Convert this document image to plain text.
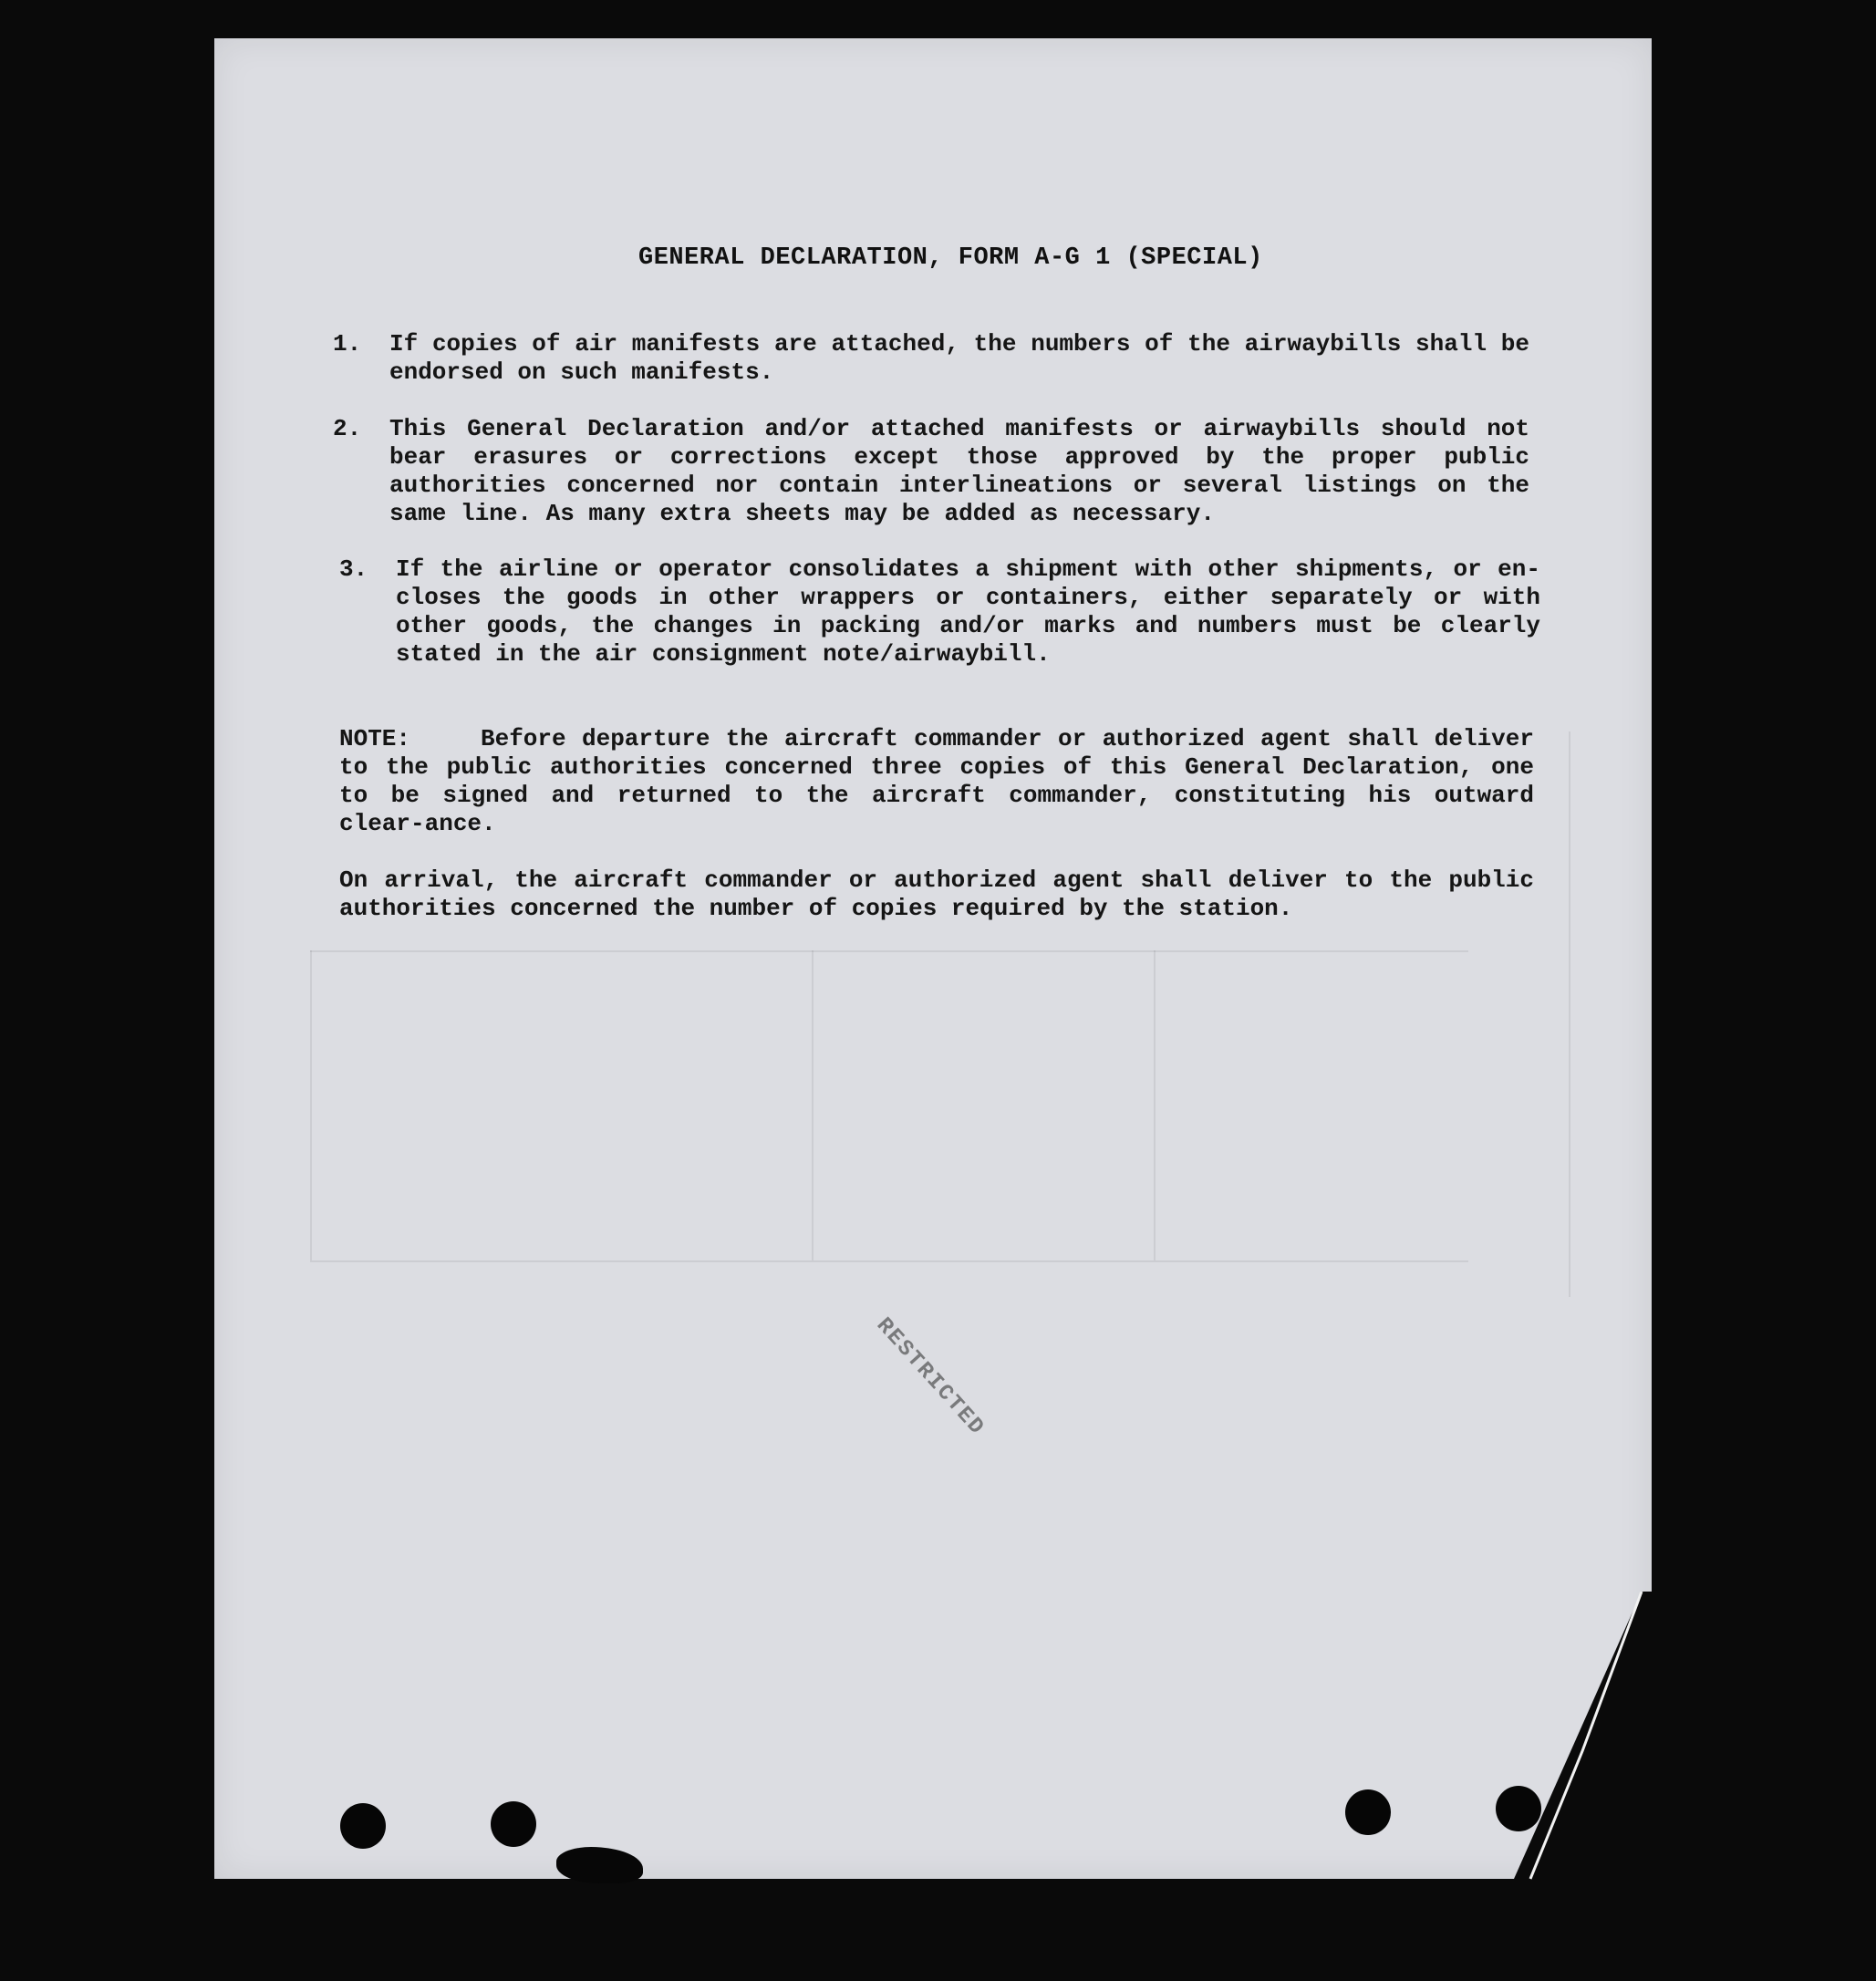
GENERAL DECLARATION, FORM A-G 1 (SPECIAL)
1.	If copies of air manifests are attached, the numbers of the airwaybills shall be endorsed on such manifests.
2.	This General Declaration and/or attached manifests or airwaybills should not bear erasures or corrections except those approved by the proper public authorities concerned nor contain interlineations or several listings on the same line. As many extra sheets may be added as necessary.
3.	If the airline or operator consolidates a shipment with other shipments, or en-closes the goods in other wrappers or containers, either separately or with other goods, the changes in packing and/or marks and numbers must be clearly stated in the air consignment note/airwaybill.
NOTE:	Before departure the aircraft commander or authorized agent shall deliver to the public authorities concerned three copies of this General Declaration, one to be signed and returned to the aircraft commander, constituting his outward clear-ance.
On arrival, the aircraft commander or authorized agent shall deliver to the public authorities concerned the number of copies required by the station.
RESTRICTED
